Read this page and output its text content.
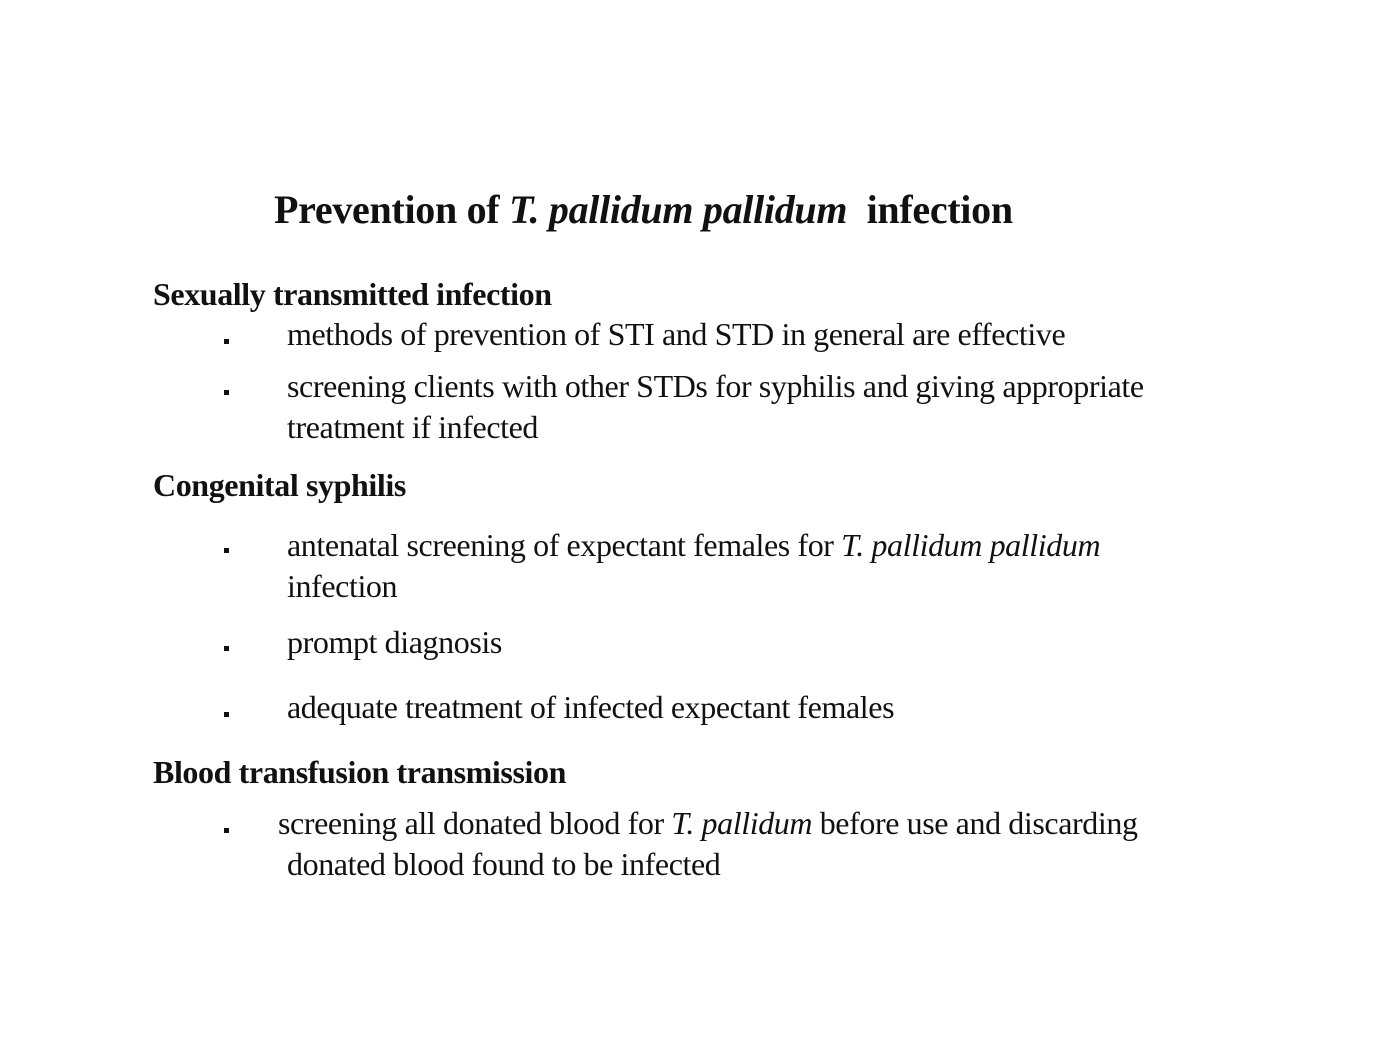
Prevention of T. pallidum pallidum  infection
Sexually transmitted infection
methods of prevention of STI and STD in general are effective
screening clients with other STDs for syphilis and giving appropriate
treatment if infected
Congenital syphilis
antenatal screening of expectant females for T. pallidum pallidum
infection
prompt diagnosis
adequate treatment of infected expectant females
Blood transfusion transmission
screening all donated blood for T. pallidum before use and discarding
donated blood found to be infected
